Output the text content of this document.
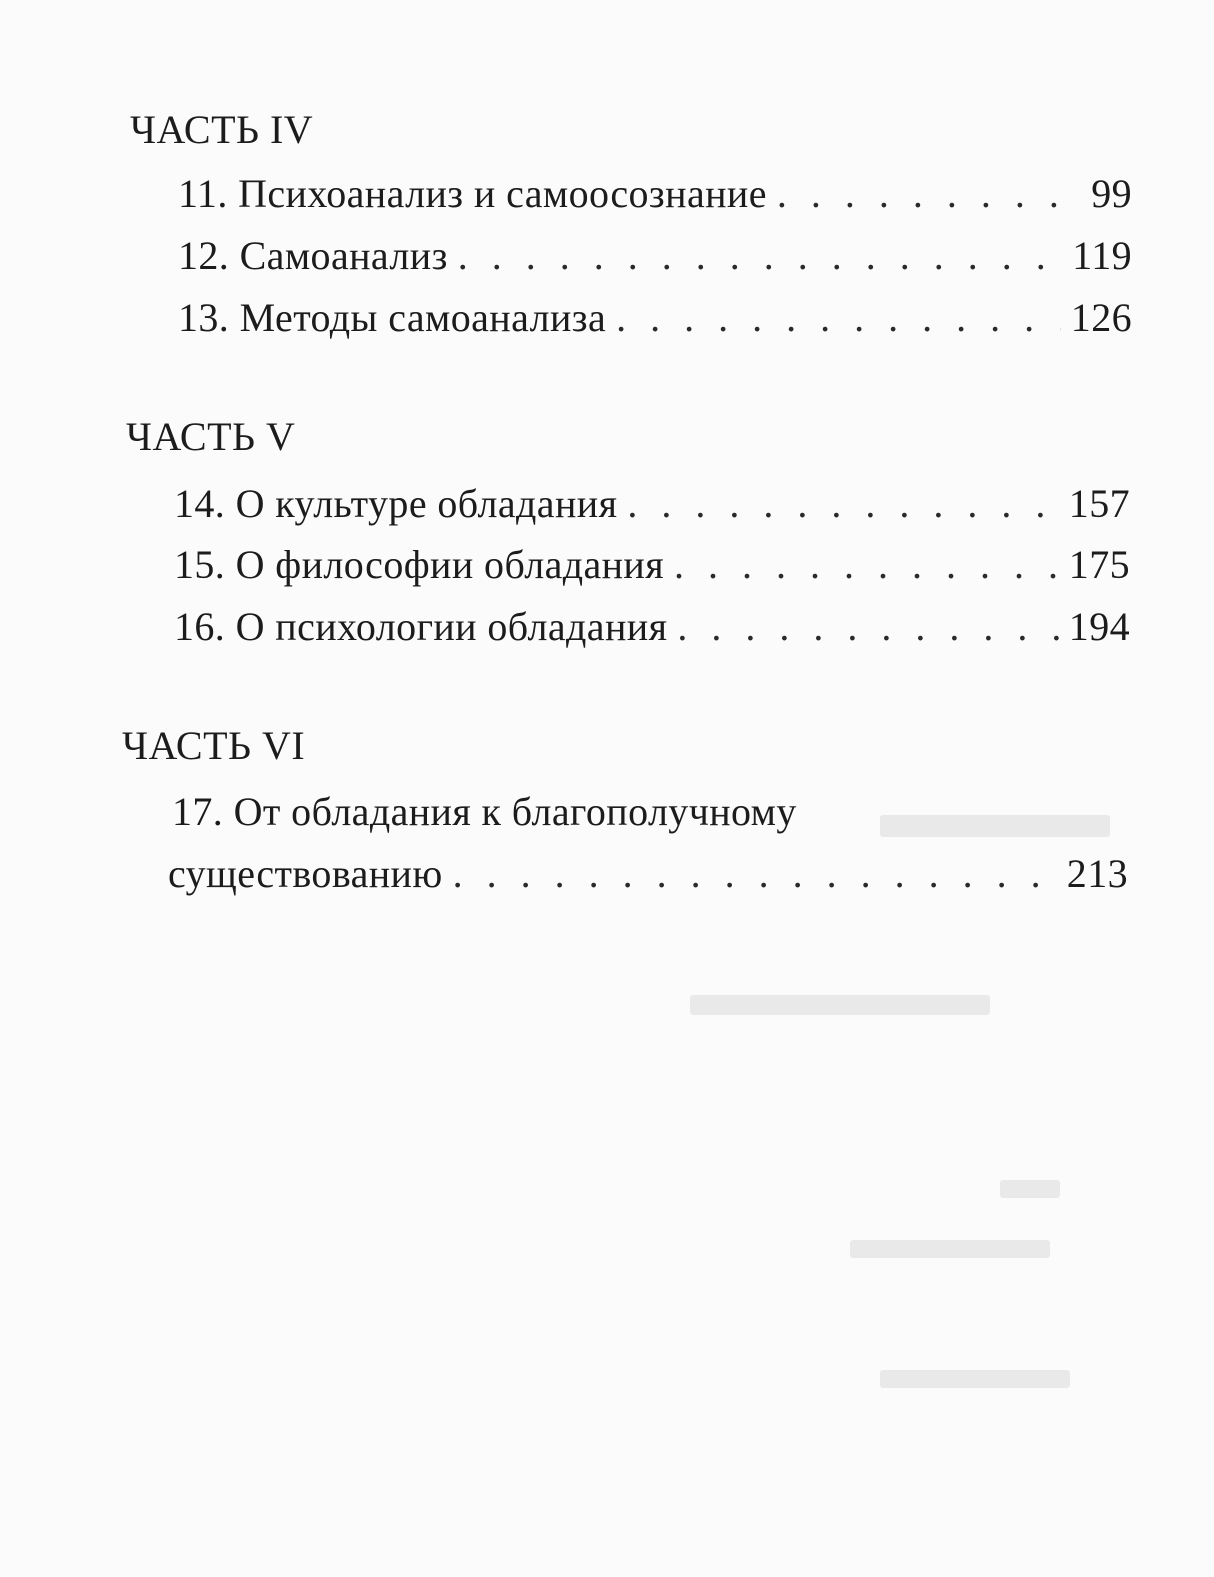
ЧАСТЬ IV
11. Психоанализ и самоосознание . . .	99
12. Самоанализ . . .	119
13. Методы самоанализа . . .	126
ЧАСТЬ V
14. О культуре обладания . . .	157
15. О философии обладания . . .	175
16. О психологии обладания . . .	194
ЧАСТЬ VI
17. От обладания к благополучному
существованию . . .	213
